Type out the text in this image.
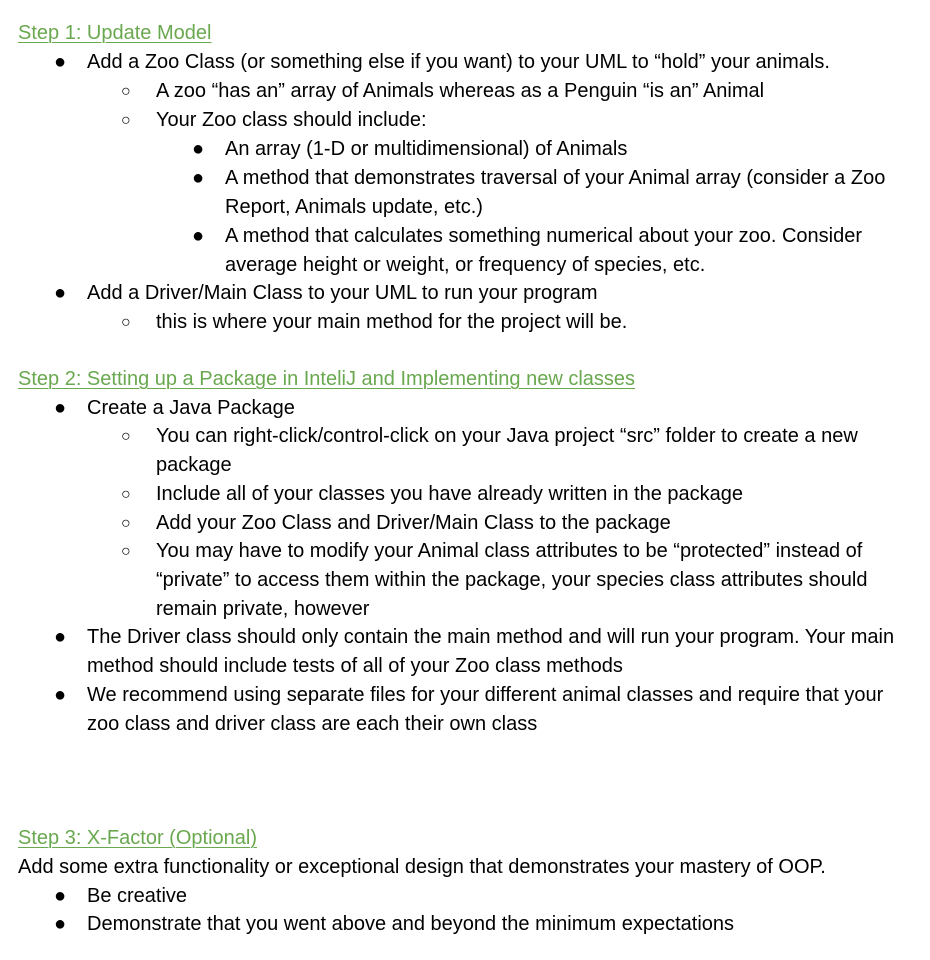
Step 1: Update Model
● Add a Zoo Class (or something else if you want) to your UML to “hold” your animals.
○ A zoo “has an” array of Animals whereas as a Penguin “is an” Animal
○ Your Zoo class should include:
● An array (1-D or multidimensional) of Animals
● A method that demonstrates traversal of your Animal array (consider a Zoo Report, Animals update, etc.)
● A method that calculates something numerical about your zoo. Consider average height or weight, or frequency of species, etc.
● Add a Driver/Main Class to your UML to run your program
○ this is where your main method for the project will be.
Step 2: Setting up a Package in InteliJ and Implementing new classes
● Create a Java Package
○ You can right-click/control-click on your Java project “src” folder to create a new package
○ Include all of your classes you have already written in the package
○ Add your Zoo Class and Driver/Main Class to the package
○ You may have to modify your Animal class attributes to be “protected” instead of “private” to access them within the package, your species class attributes should remain private, however
● The Driver class should only contain the main method and will run your program. Your main method should include tests of all of your Zoo class methods
● We recommend using separate files for your different animal classes and require that your zoo class and driver class are each their own class
Step 3: X-Factor (Optional)
Add some extra functionality or exceptional design that demonstrates your mastery of OOP.
● Be creative
● Demonstrate that you went above and beyond the minimum expectations
